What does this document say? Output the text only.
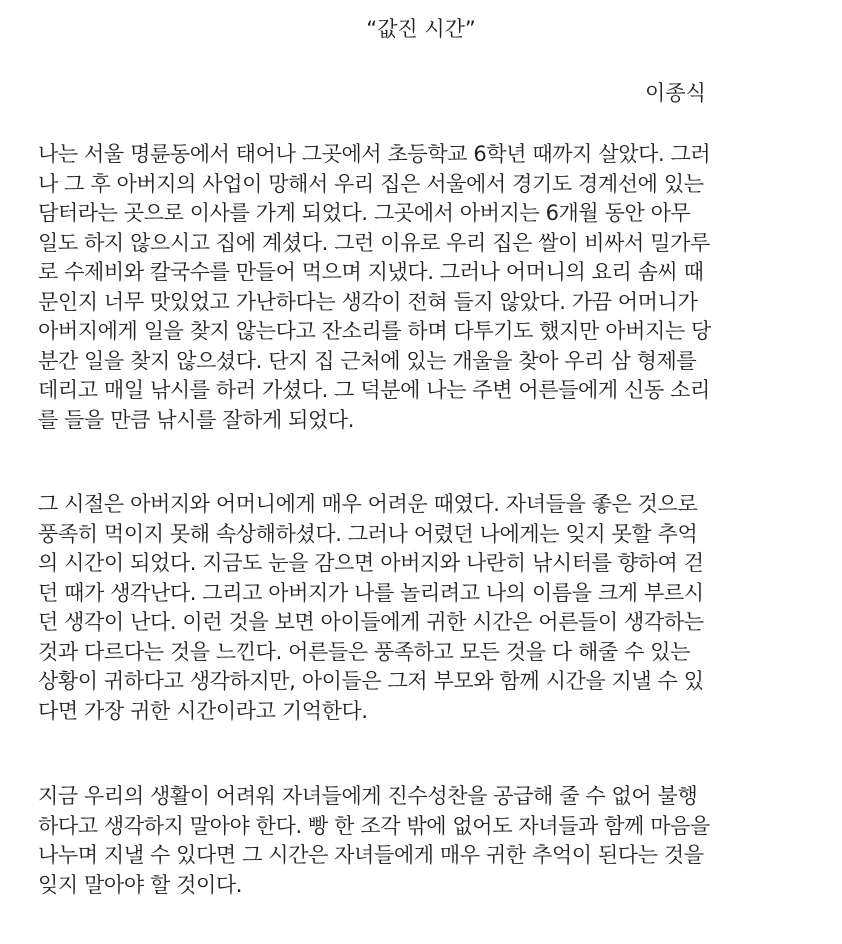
“값진 시간”
이종식

나는 서울 명륜동에서 태어나 그곳에서 초등학교 6학년 때까지 살았다. 그러
나 그 후 아버지의 사업이 망해서 우리 집은 서울에서 경기도 경계선에 있는
담터라는 곳으로 이사를 가게 되었다. 그곳에서 아버지는 6개월 동안 아무
일도 하지 않으시고 집에 계셨다. 그런 이유로 우리 집은 쌀이 비싸서 밀가루
로 수제비와 칼국수를 만들어 먹으며 지냈다. 그러나 어머니의 요리 솜씨 때
문인지 너무 맛있었고 가난하다는 생각이 전혀 들지 않았다. 가끔 어머니가
아버지에게 일을 찾지 않는다고 잔소리를 하며 다투기도 했지만 아버지는 당
분간 일을 찾지 않으셨다. 단지 집 근처에 있는 개울을 찾아 우리 삼 형제를
데리고 매일 낚시를 하러 가셨다. 그 덕분에 나는 주변 어른들에게 신동 소리
를 들을 만큼 낚시를 잘하게 되었다.

그 시절은 아버지와 어머니에게 매우 어려운 때였다. 자녀들을 좋은 것으로
풍족히 먹이지 못해 속상해하셨다. 그러나 어렸던 나에게는 잊지 못할 추억
의 시간이 되었다. 지금도 눈을 감으면 아버지와 나란히 낚시터를 향하여 걷
던 때가 생각난다. 그리고 아버지가 나를 놀리려고 나의 이름을 크게 부르시
던 생각이 난다. 이런 것을 보면 아이들에게 귀한 시간은 어른들이 생각하는
것과 다르다는 것을 느낀다. 어른들은 풍족하고 모든 것을 다 해줄 수 있는
상황이 귀하다고 생각하지만, 아이들은 그저 부모와 함께 시간을 지낼 수 있
다면 가장 귀한 시간이라고 기억한다.

지금 우리의 생활이 어려워 자녀들에게 진수성찬을 공급해 줄 수 없어 불행
하다고 생각하지 말아야 한다. 빵 한 조각 밖에 없어도 자녀들과 함께 마음을
나누며 지낼 수 있다면 그 시간은 자녀들에게 매우 귀한 추억이 된다는 것을
잊지 말아야 할 것이다.
